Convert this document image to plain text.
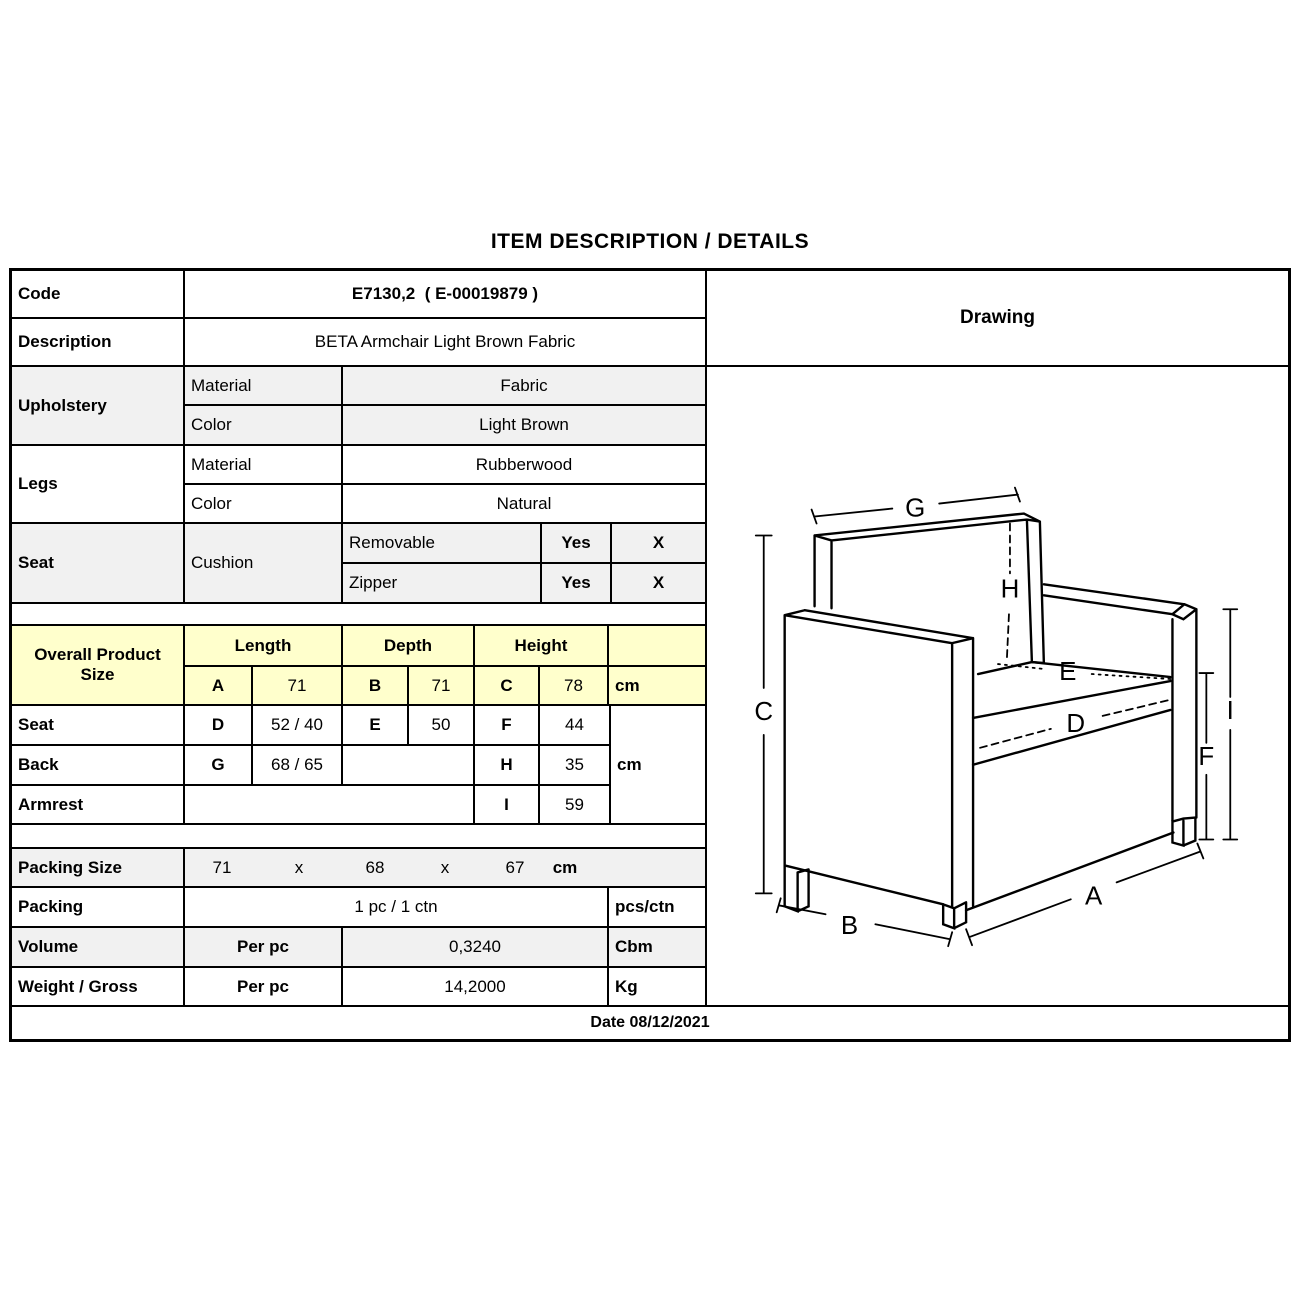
ITEM DESCRIPTION / DETAILS
Code	E7130,2  ( E-00019879 )
Description	BETA Armchair Light Brown Fabric
Upholstery
Material	Fabric
Color	Light Brown
Legs
Material	Rubberwood
Color	Natural
Seat	Cushion
Removable	Yes	X
Zipper	Yes	X
Overall Product
Size
Length	Depth	Height
A	71	B	71	C	78	cm
Seat	D	52 / 40	E	50	F	44
Back	G	68 / 65	H	35
Armrest	I	59
cm
Packing Size	71	x	68	x	67 cm
Packing	1 pc / 1 ctn	pcs/ctn
Volume	Per pc	0,3240	Cbm
Weight / Gross	Per pc	14,2000	Kg
Drawing
C
G
H
E
D
F
I
A
B
Date 08/12/2021
